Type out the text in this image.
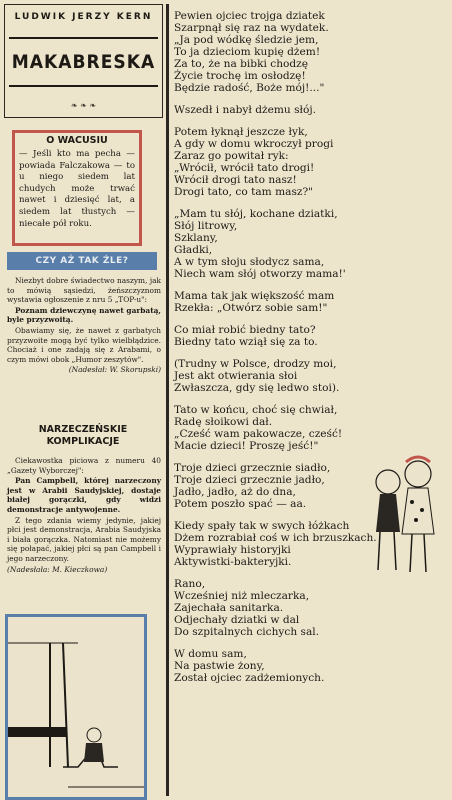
LUDWIK JERZY KERN
MAKABRESKA
❧ ❧ ❧
O WACUSIU

— Jeśli kto ma pecha — powiada Falczakowa — to u niego siedem lat chudych może trwać nawet i dziesięć lat, a siedem lat tłustych — niecałe pół roku.

CZY AŻ TAK ŹLE?

Niezbyt dobre świadectwo naszym, jak to mówią sąsiedzi, żeńszczyznom wystawia ogłoszenie z nru 5 „TOP-u":

Poznam dziewczynę nawet garbatą, byle przyzwoitą.

Obawiamy się, że nawet z garbatych przyzwoite mogą być tylko wielbłądzice. Chociaż i one zadają się z Arabami, o czym mówi obok „Humor zeszytów".

(Nadesłał: W. Skorupski)

NARZECZEŃSKIE
KOMPLIKACJE

Ciekawostka piciowa z numeru 40 „Gazety Wyborczej":

Pan Campbell, której narzeczony jest w Arabii Saudyjskiej, dostaje białej gorączki, gdy widzi demonstracje antywojenne.

Z tego zdania wiemy jedynie, jakiej płci jest demonstracja, Arabia Saudyjska i biała gorączka. Natomiast nie możemy się połapać, jakiej płci są pan Campbell i jego narzeczony.

(Nadesłała: M. Kieczkowa)

Pewien ojciec trojga dziatek
Szarpnął się raz na wydatek.
„Ja pod wódkę śledzie jem,
To ja dzieciom kupię dżem!
Za to, że na bibki chodzę
Życie trochę im osłodzę!
Będzie radość, Boże mój!..."

Wszedł i nabył dżemu słój.

Potem łyknął jeszcze łyk,
A gdy w domu wkroczył progi
Zaraz go powitał ryk:
„Wrócił, wrócił tato drogi!
Wrócił drogi tato nasz!
Drogi tato, co tam masz?"

„Mam tu słój, kochane dziatki,
Słój litrowy,
Szklany,
Gładki,
A w tym słoju słodycz sama,
Niech wam słój otworzy mama!'

Mama tak jak większość mam
Rzekła: „Otwórz sobie sam!"

Co miał robić biedny tato?
Biedny tato wziął się za to.

(Trudny w Polsce, drodzy moi,
Jest akt otwierania słoi
Zwłaszcza, gdy się ledwo stoi).

Tato w końcu, choć się chwiał,
Radę słoikowi dał.
„Cześć wam pakowacze, cześć!
Macie dzieci! Proszę jeść!"

Troje dzieci grzecznie siadło,
Troje dzieci grzecznie jadło,
Jadło, jadło, aż do dna,
Potem poszło spać — aa.

Kiedy spały tak w swych łóżkach
Dżem rozrabiał coś w ich brzuszkach.
Wyprawiały historyjki
Aktywistki-bakteryjki.

Rano,
Wcześniej niż mleczarka,
Zajechała sanitarka.
Odjechały dziatki w dal
Do szpitalnych cichych sal.

W domu sam,
Na pastwie żony,
Został ojciec zadżemionych.
